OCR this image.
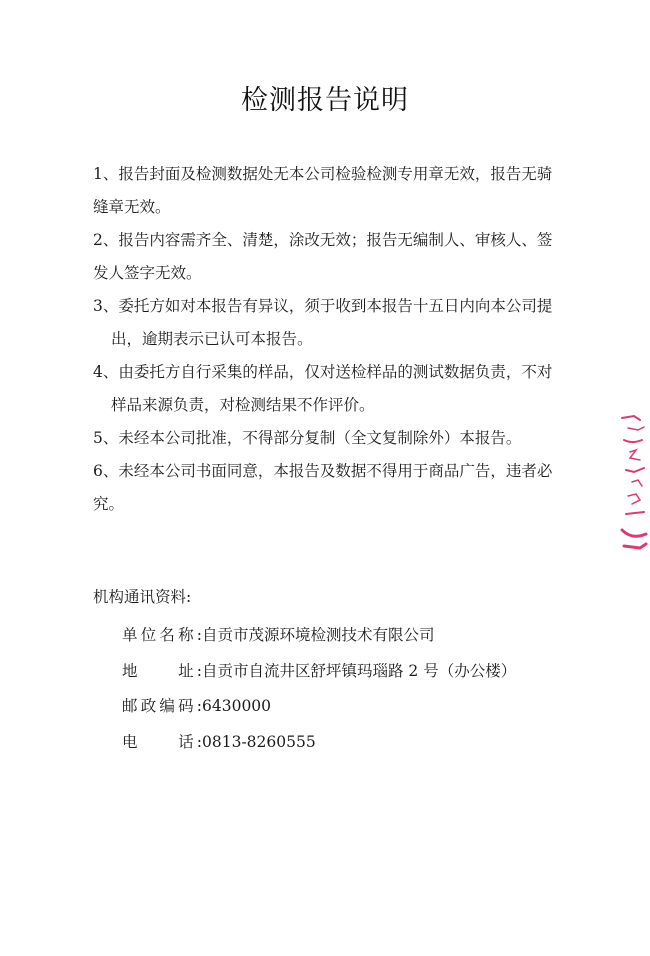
检测报告说明

1、报告封面及检测数据处无本公司检验检测专用章无效，报告无骑
缝章无效。

2、报告内容需齐全、清楚，涂改无效；报告无编制人、审核人、签
发人签字无效。

3、委托方如对本报告有异议，须于收到本报告十五日内向本公司提
出，逾期表示已认可本报告。

4、由委托方自行采集的样品，仅对送检样品的测试数据负责，不对
样品来源负责，对检测结果不作评价。

5、未经本公司批准，不得部分复制（全文复制除外）本报告。

6、未经本公司书面同意，本报告及数据不得用于商品广告，违者必
究。

机构通讯资料:

单位名称: 自贡市茂源环境检测技术有限公司
地　　址: 自贡市自流井区舒坪镇玛瑙路 2 号（办公楼）
邮政编码: 6430000
电　　话: 0813-8260555
